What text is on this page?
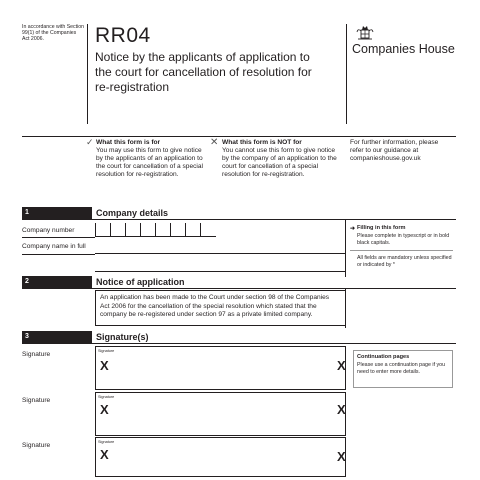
In accordance with Section 99(1) of the Companies Act 2006.	RR04
Notice by the applicants of application to the court for cancellation of resolution for re-registration
Companies House
✓ What this form is for
You may use this form to give notice by the applicants of an application to the court for cancellation of a special resolution for re-registration.
✕ What this form is NOT for
You cannot use this form to give notice by the company of an application to the court for cancellation of a special resolution for re-registration.
For further information, please refer to our guidance at companieshouse.gov.uk
1	Company details
Company number
Company name in full
➜ Filling in this form
Please complete in typescript or in bold black capitals.
All fields are mandatory unless specified or indicated by *
2	Notice of application
An application has been made to the Court under section 98 of the Companies Act 2006 for the cancellation of the special resolution which stated that the company be re-registered under section 97 as a private limited company.
3	Signature(s)
Signature	Signature
X	X
Signature	Signature
X	X
Signature	Signature
X	X
Continuation pages
Please use a continuation page if you need to enter more details.
